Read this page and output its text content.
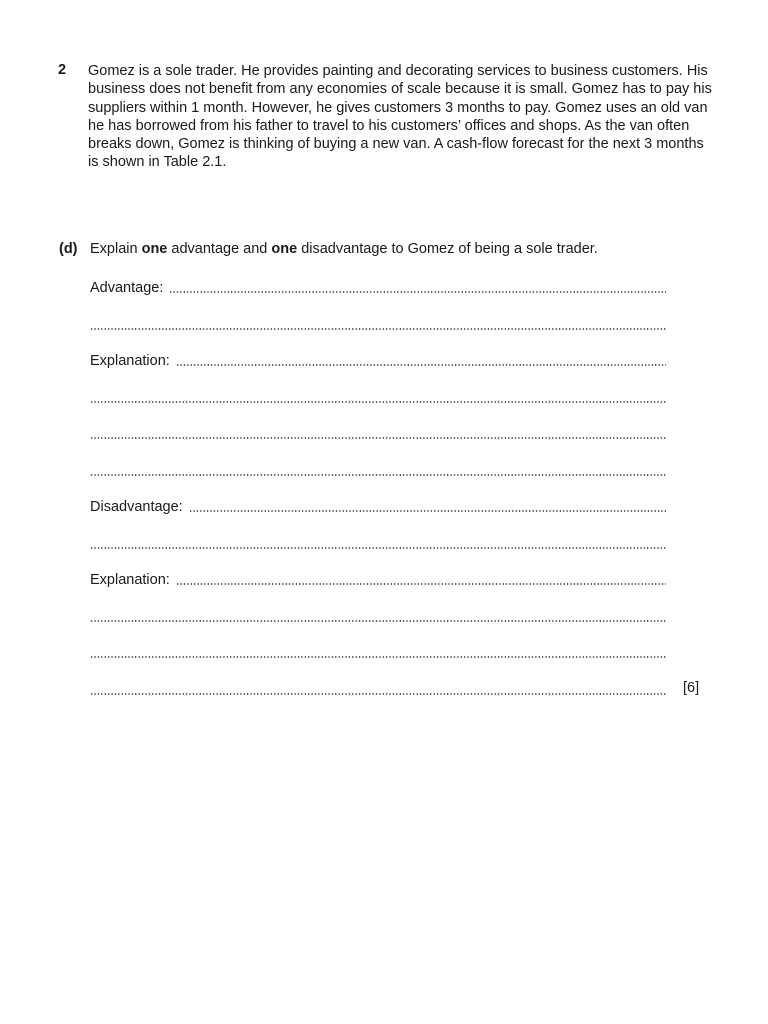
2 Gomez is a sole trader. He provides painting and decorating services to business customers. His
business does not benefit from any economies of scale because it is small. Gomez has to pay his
suppliers within 1 month. However, he gives customers 3 months to pay. Gomez uses an old van
he has borrowed from his father to travel to his customers’ offices and shops. As the van often
breaks down, Gomez is thinking of buying a new van. A cash-flow forecast for the next 3 months
is shown in Table 2.1.
(d) Explain one advantage and one disadvantage to Gomez of being a sole trader.
Advantage:
Explanation:
Disadvantage:
Explanation:
[6]
